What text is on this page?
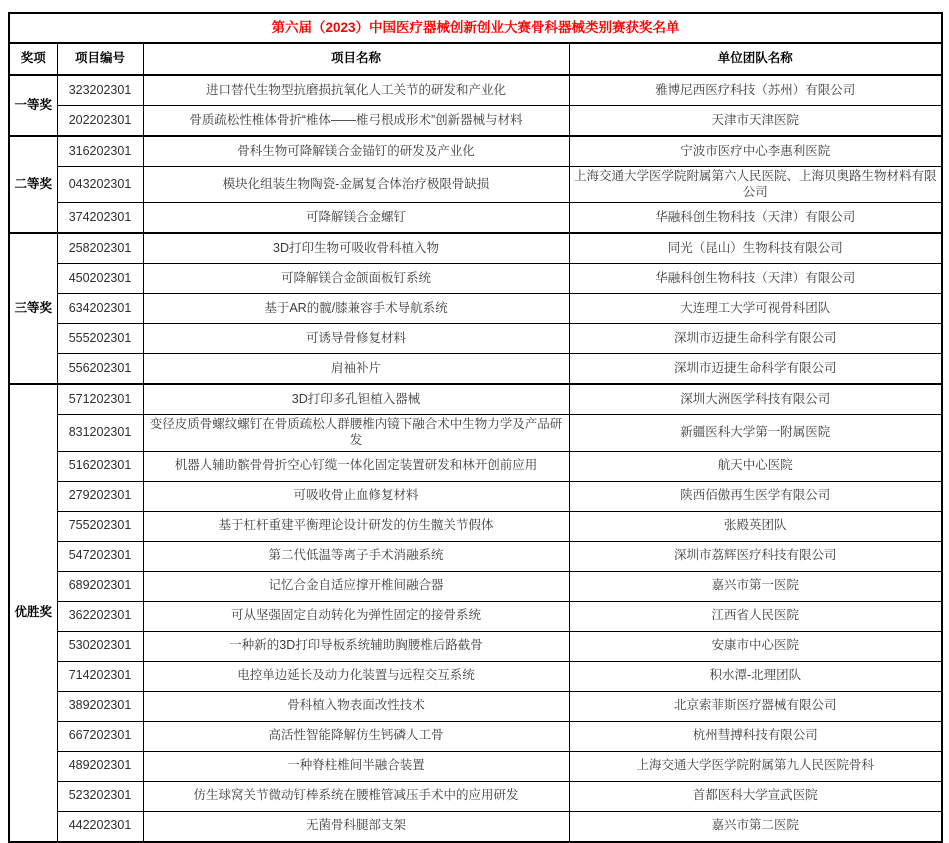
第六届（2023）中国医疗器械创新创业大赛骨科器械类别赛获奖名单			
奖项	项目编号	项目名称	单位团队名称
一等奖	323202301	进口替代生物型抗磨损抗氧化人工关节的研发和产业化	雅博尼西医疗科技（苏州）有限公司
	202202301	骨质疏松性椎体骨折“椎体——椎弓根成形术”创新器械与材料	天津市天津医院
二等奖	316202301	骨科生物可降解镁合金锚钉的研发及产业化	宁波市医疗中心李惠利医院
	043202301	模块化组装生物陶瓷-金属复合体治疗极限骨缺损	上海交通大学医学院附属第六人民医院、上海贝奥路生物材料有限公司
	374202301	可降解镁合金螺钉	华融科创生物科技（天津）有限公司
三等奖	258202301	3D打印生物可吸收骨科植入物	同光（昆山）生物科技有限公司
	450202301	可降解镁合金颌面板钉系统	华融科创生物科技（天津）有限公司
	634202301	基于AR的髋/膝兼容手术导航系统	大连理工大学可视骨科团队
	555202301	可诱导骨修复材料	深圳市迈捷生命科学有限公司
	556202301	肩袖补片	深圳市迈捷生命科学有限公司
优胜奖	571202301	3D打印多孔钽植入器械	深圳大洲医学科技有限公司
	831202301	变径皮质骨螺纹螺钉在骨质疏松人群腰椎内镜下融合术中生物力学及产品研发	新疆医科大学第一附属医院
	516202301	机器人辅助髌骨骨折空心钉缆一体化固定装置研发和林开创前应用	航天中心医院
	279202301	可吸收骨止血修复材料	陕西佰傲再生医学有限公司
	755202301	基于杠杆重建平衡理论设计研发的仿生髋关节假体	张殿英团队
	547202301	第二代低温等离子手术消融系统	深圳市荔辉医疗科技有限公司
	689202301	记忆合金自适应撑开椎间融合器	嘉兴市第一医院
	362202301	可从坚强固定自动转化为弹性固定的接骨系统	江西省人民医院
	530202301	一种新的3D打印导板系统辅助胸腰椎后路截骨	安康市中心医院
	714202301	电控单边延长及动力化装置与远程交互系统	积水潭-北理团队
	389202301	骨科植入物表面改性技术	北京索菲斯医疗器械有限公司
	667202301	高活性智能降解仿生钙磷人工骨	杭州彗搏科技有限公司
	489202301	一种脊柱椎间半融合装置	上海交通大学医学院附属第九人民医院骨科
	523202301	仿生球窝关节微动钉棒系统在腰椎管减压手术中的应用研发	首都医科大学宣武医院
	442202301	无菌骨科腿部支架	嘉兴市第二医院
